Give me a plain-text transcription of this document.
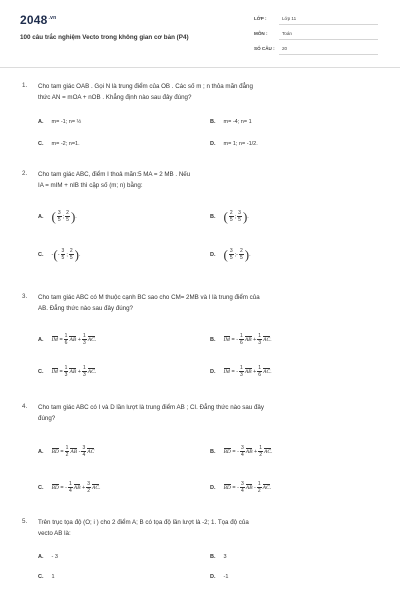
$2048^{.vn}$
100 câu trắc nghiệm Vecto trong không gian cơ bản (P4)
LỚP :	Lớp 11
MÔN :	Toán
SỐ CÂU : 20
1. Cho tam giác OAB . Gọi N là trung điểm của OB . Các số m ; n thỏa mãn đẳng
thức AN = mOA + nOB . Khẳng định nào sau đây đúng?
A. m= -1; n= ½	B. m= -4; n= 1
C. m= -2; n=1.	D. m= 1; n= -1/2.
2. Cho tam giác ABC, điểm I thoả mãn:5 MA = 2 MB . Nếu
IA = mIM + nIB thì cặp số (m; n) bằng:
A. ( $\frac{3}{5}$ ; $\frac{2}{5}$ ) .	B. ( $\frac{2}{5}$ ; $\frac{3}{5}$ ) .
C. - ( - $\frac{3}{5}$ ; $\frac{2}{5}$ ) .	D. ( $\frac{3}{5}$ ;- $\frac{2}{5}$ ) .
3. Cho tam giác ABC có M thuộc cạnh BC sao cho CM= 2MB và I là trung điểm của
AB. Đẳng thức nào sau đây đúng?
A. IM = $\frac{1}{6}$ AB + $\frac{1}{3}$ AC .	B. IM = - $\frac{1}{6}$ AB + $\frac{1}{3}$ AC .
C. IM = $\frac{1}{3}$ AB + $\frac{1}{3}$ AC .	D. IM = - $\frac{1}{3}$ AB + $\frac{1}{6}$ AC .
4. Cho tam giác ABC có I và D lần lượt là trung điểm AB ; CI. Đẳng thức nào sau đây
đúng?
A. BD = $\frac{1}{2}$ AB - $\frac{3}{4}$ AC	B. BD = - $\frac{3}{4}$ AB + $\frac{1}{2}$ AC .
C. BD = - $\frac{1}{4}$ AB + $\frac{3}{2}$ AC .	D. BD = - $\frac{3}{4}$ AB - $\frac{1}{2}$ AC .
5. Trên trục tọa độ (O; i ) cho 2 điểm A; B có tọa độ lần lượt là -2; 1. Tọa độ của
vecto AB là:
A. - 3	B. 3
C. 1	D. -1
